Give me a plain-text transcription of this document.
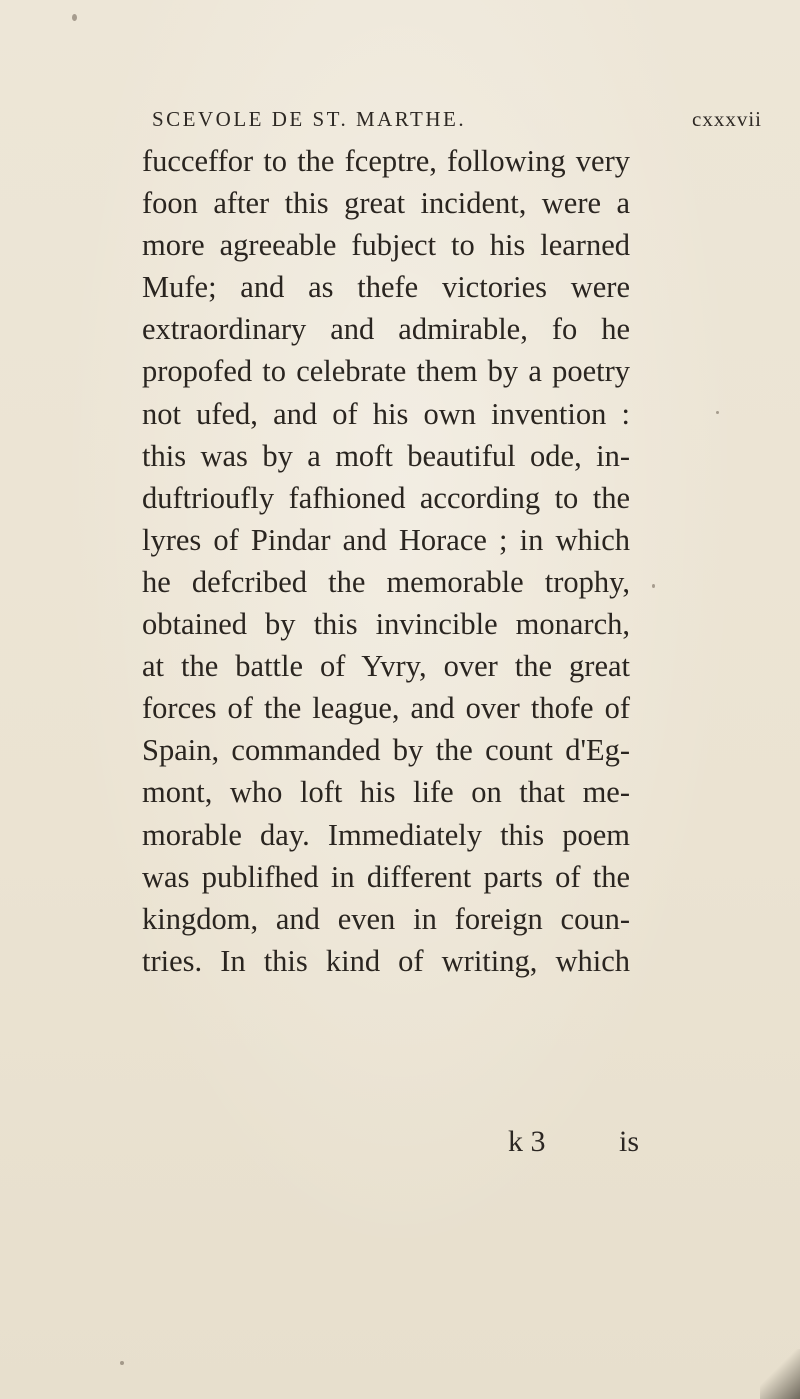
SCEVOLE DE ST. MARTHE.	cxxxvii
fucceffor to the fceptre, following very
foon after this great incident, were a
more agreeable fubject to his learned
Mufe; and as thefe victories were
extraordinary and admirable, fo he
propofed to celebrate them by a poetry
not ufed, and of his own invention :
this was by a moft beautiful ode, in-
duftrioufly fafhioned according to the
lyres of Pindar and Horace ; in which
he defcribed the memorable trophy,
obtained by this invincible monarch,
at the battle of Yvry, over the great
forces of the league, and over thofe of
Spain, commanded by the count d'Eg-
mont, who loft his life on that me-
morable day. Immediately this poem
was publifhed in different parts of the
kingdom, and even in foreign coun-
tries. In this kind of writing, which
k 3 is
